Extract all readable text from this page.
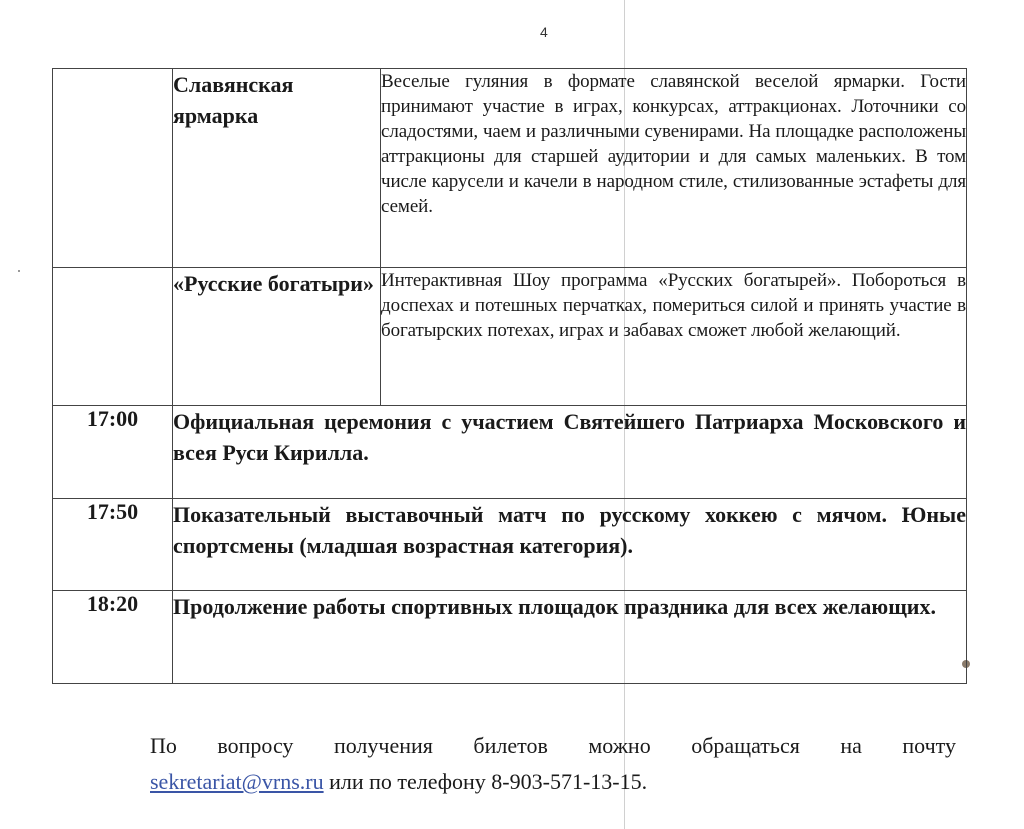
4
	Славянская ярмарка	Веселые гуляния в формате славянской веселой ярмарки. Гости принимают участие в играх, конкурсах, аттракционах. Лоточники со сладостями, чаем и различными сувенирами. На площадке расположены аттракционы для старшей аудитории и для самых маленьких. В том числе карусели и качели в народном стиле, стилизованные эстафеты для семей.
	«Русские богатыри»	Интерактивная Шоу программа «Русских богатырей». Побороться в доспехах и потешных перчатках, помериться силой и принять участие в богатырских потехах, играх и забавах сможет любой желающий.
17:00	Официальная церемония с участием Святейшего Патриарха Московского и всея Руси Кирилла.	
17:50	Показательный выставочный матч по русскому хоккею с мячом. Юные спортсмены (младшая возрастная категория).	
18:20	Продолжение работы спортивных площадок праздника для всех желающих.	
По вопросу получения билетов можно обращаться на почту
sekretariat@vrns.ru или по телефону 8-903-571-13-15.
